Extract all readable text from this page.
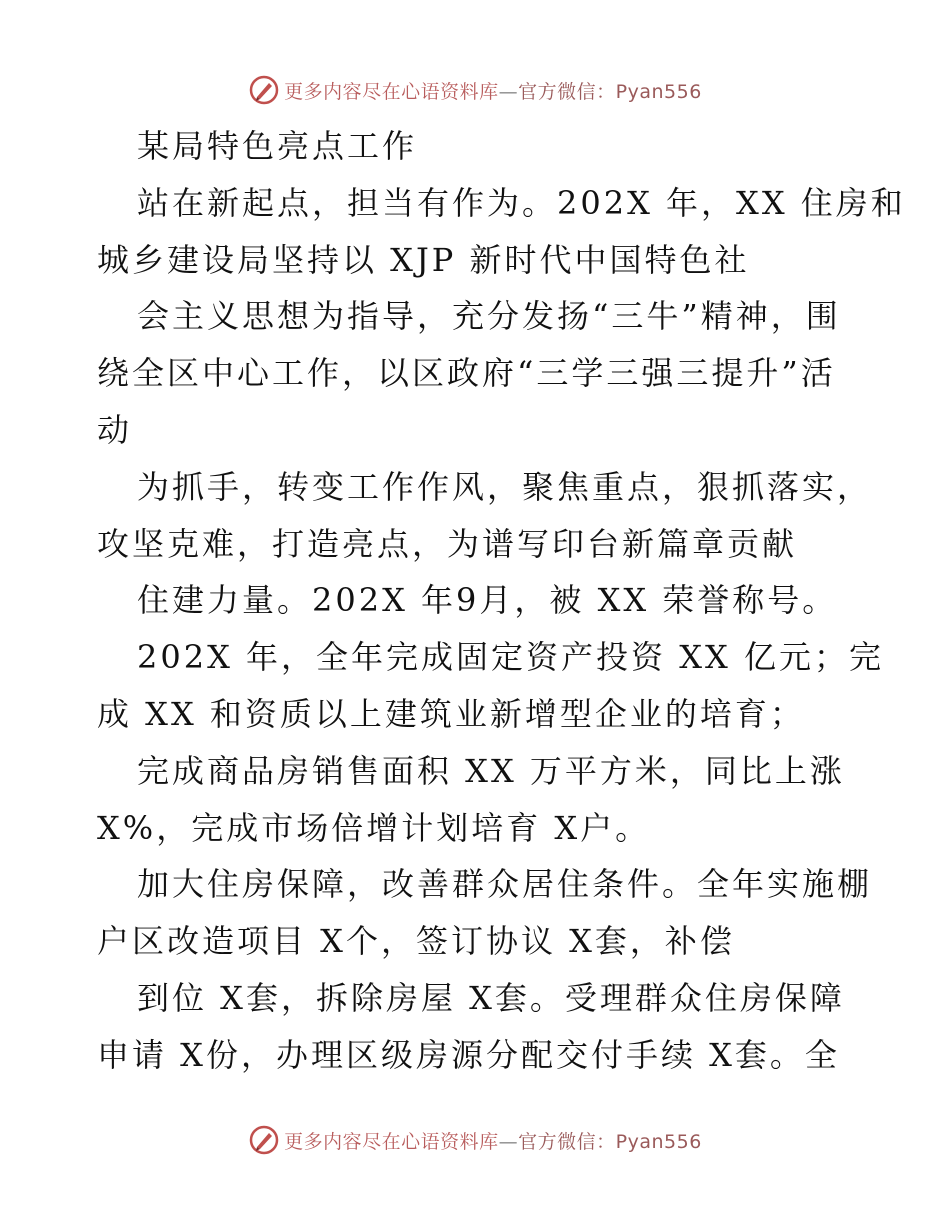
更多内容尽在心语资料库—官方微信：Pyan556
某局特色亮点工作
站在新起点，担当有作为。202X 年，XX 住房和
城乡建设局坚持以 XJP 新时代中国特色社
会主义思想为指导，充分发扬“三牛”精神，围
绕全区中心工作，以区政府“三学三强三提升”活
动
为抓手，转变工作作风，聚焦重点，狠抓落实，
攻坚克难，打造亮点，为谱写印台新篇章贡献
住建力量。202X 年9月，被 XX 荣誉称号。
202X 年，全年完成固定资产投资 XX 亿元；完
成 XX 和资质以上建筑业新增型企业的培育；
完成商品房销售面积 XX 万平方米，同比上涨
X%，完成市场倍增计划培育 X户。
加大住房保障，改善群众居住条件。全年实施棚
户区改造项目 X个，签订协议 X套，补偿
到位 X套，拆除房屋 X套。受理群众住房保障
申请 X份，办理区级房源分配交付手续 X套。全
更多内容尽在心语资料库—官方微信：Pyan556
